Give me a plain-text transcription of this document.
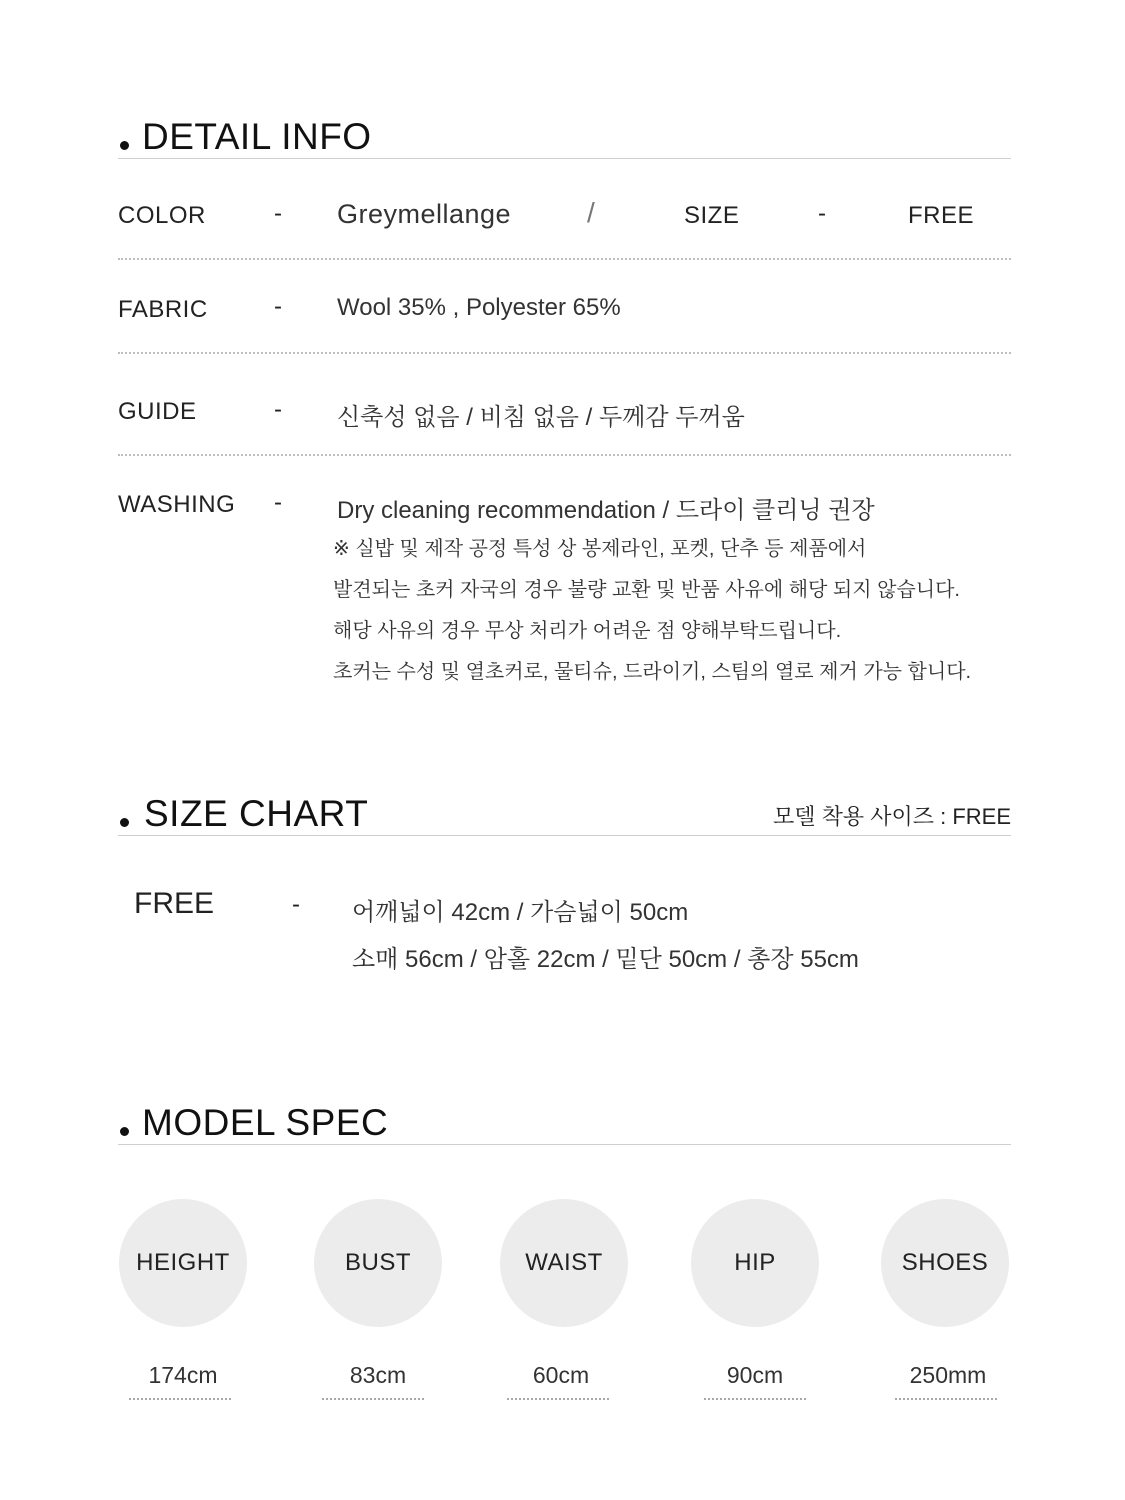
DETAIL INFO
COLOR	- Greymellange	/	SIZE	-	FREE
FABRIC	- Wool 35% , Polyester 65%
GUIDE	- 신축성 없음 / 비침 없음 / 두께감 두꺼움
WASHING - Dry cleaning recommendation / 드라이 클리닝 권장
※ 실밥 및 제작 공정 특성 상 봉제라인, 포켓, 단추 등 제품에서
발견되는 초커 자국의 경우 불량 교환 및 반품 사유에 해당 되지 않습니다.
해당 사유의 경우 무상 처리가 어려운 점 양해부탁드립니다.
초커는 수성 및 열초커로, 물티슈, 드라이기, 스팀의 열로 제거 가능 합니다.
SIZE CHART	모델 착용 사이즈 : FREE
FREE	- 어깨넓이 42cm / 가슴넓이 50cm
소매 56cm / 암홀 22cm / 밑단 50cm / 총장 55cm
MODEL SPEC
HEIGHT	BUST	WAIST	HIP	SHOES
174cm	83cm	60cm	90cm	250mm
